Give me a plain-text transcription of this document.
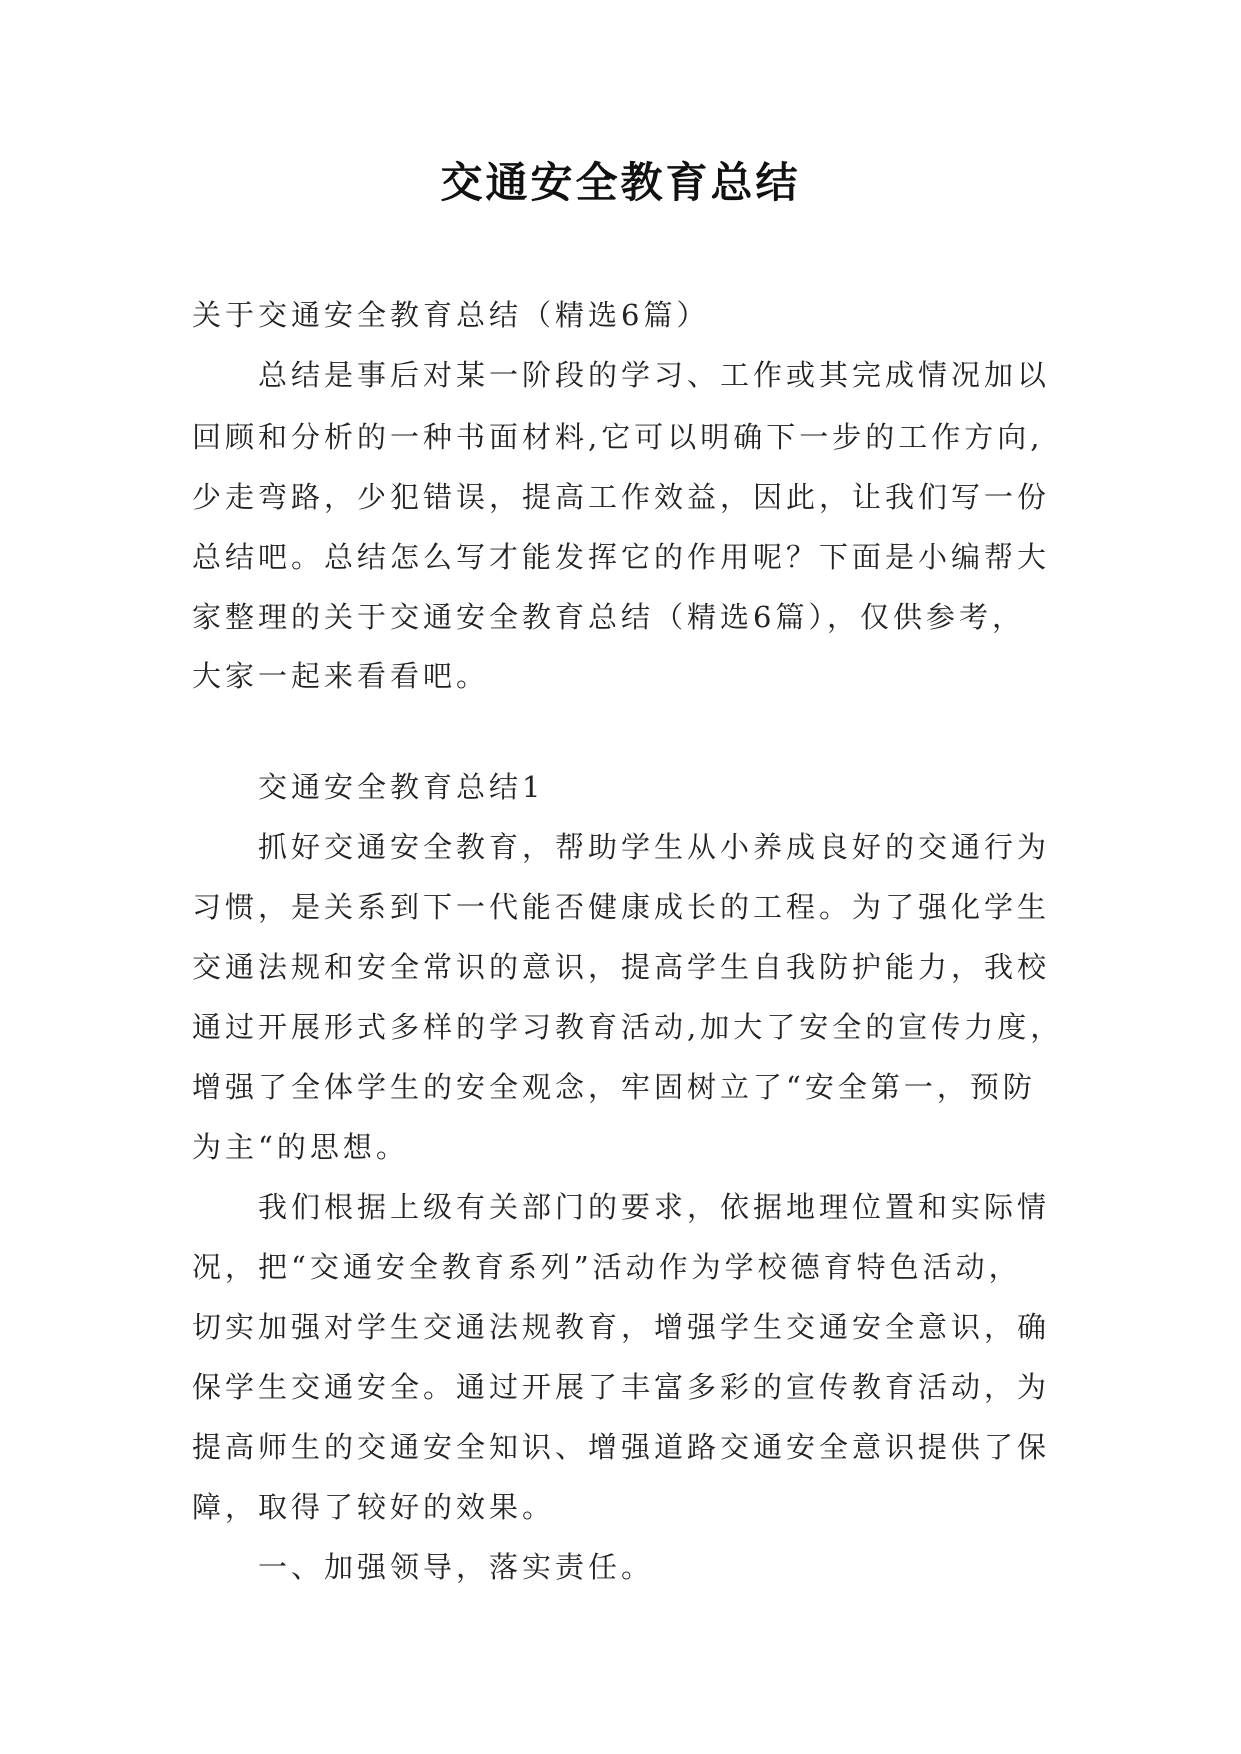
交通安全教育总结
关于交通安全教育总结（精选6篇）
总结是事后对某一阶段的学习、工作或其完成情况加以
回顾和分析的一种书面材料,它可以明确下一步的工作方向,
少走弯路，少犯错误，提高工作效益，因此，让我们写一份
总结吧。总结怎么写才能发挥它的作用呢？下面是小编帮大
家整理的关于交通安全教育总结（精选6篇），仅供参考，
大家一起来看看吧。
交通安全教育总结1
抓好交通安全教育，帮助学生从小养成良好的交通行为
习惯，是关系到下一代能否健康成长的工程。为了强化学生
交通法规和安全常识的意识，提高学生自我防护能力，我校
通过开展形式多样的学习教育活动,加大了安全的宣传力度，
增强了全体学生的安全观念，牢固树立了“安全第一，预防
为主“的思想。
我们根据上级有关部门的要求，依据地理位置和实际情
况，把“交通安全教育系列”活动作为学校德育特色活动，
切实加强对学生交通法规教育，增强学生交通安全意识，确
保学生交通安全。通过开展了丰富多彩的宣传教育活动，为
提高师生的交通安全知识、增强道路交通安全意识提供了保
障，取得了较好的效果。
一、加强领导，落实责任。
